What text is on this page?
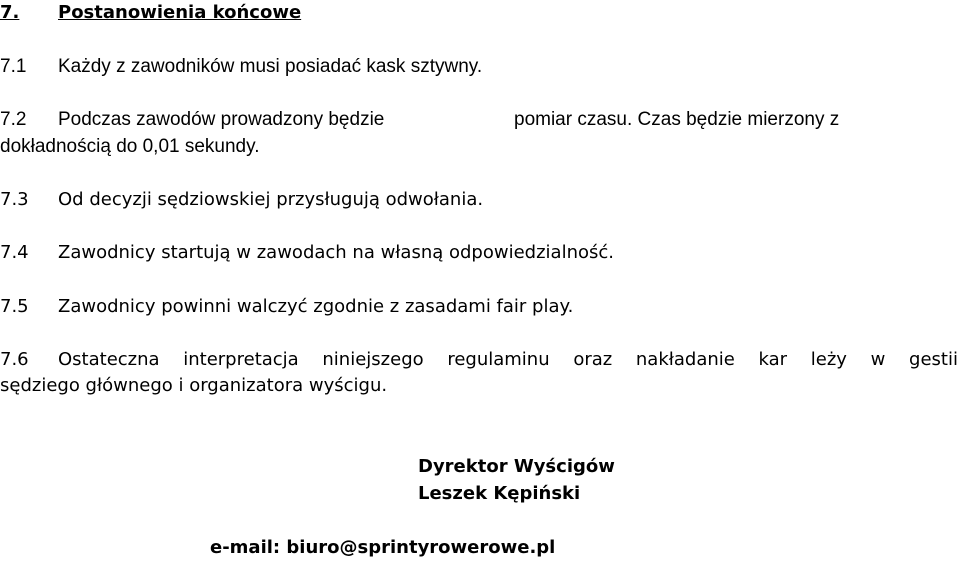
7. Postanowienia końcowe
7.1 Każdy z zawodników musi posiadać kask sztywny.
7.2 Podczas zawodów prowadzony będzie	pomiar czasu. Czas będzie mierzony z
dokładnością do 0,01 sekundy.
7.3 Od decyzji sędziowskiej przysługują odwołania.
7.4 Zawodnicy startują w zawodach na własną odpowiedzialność.
7.5 Zawodnicy powinni walczyć zgodnie z zasadami fair play.
7.6 Ostateczna interpretacja niniejszego regulaminu oraz nakładanie kar leży w gestii
sędziego głównego i organizatora wyścigu.
Dyrektor Wyścigów
Leszek Kępiński
e-mail: biuro@sprintyrowerowe.pl
